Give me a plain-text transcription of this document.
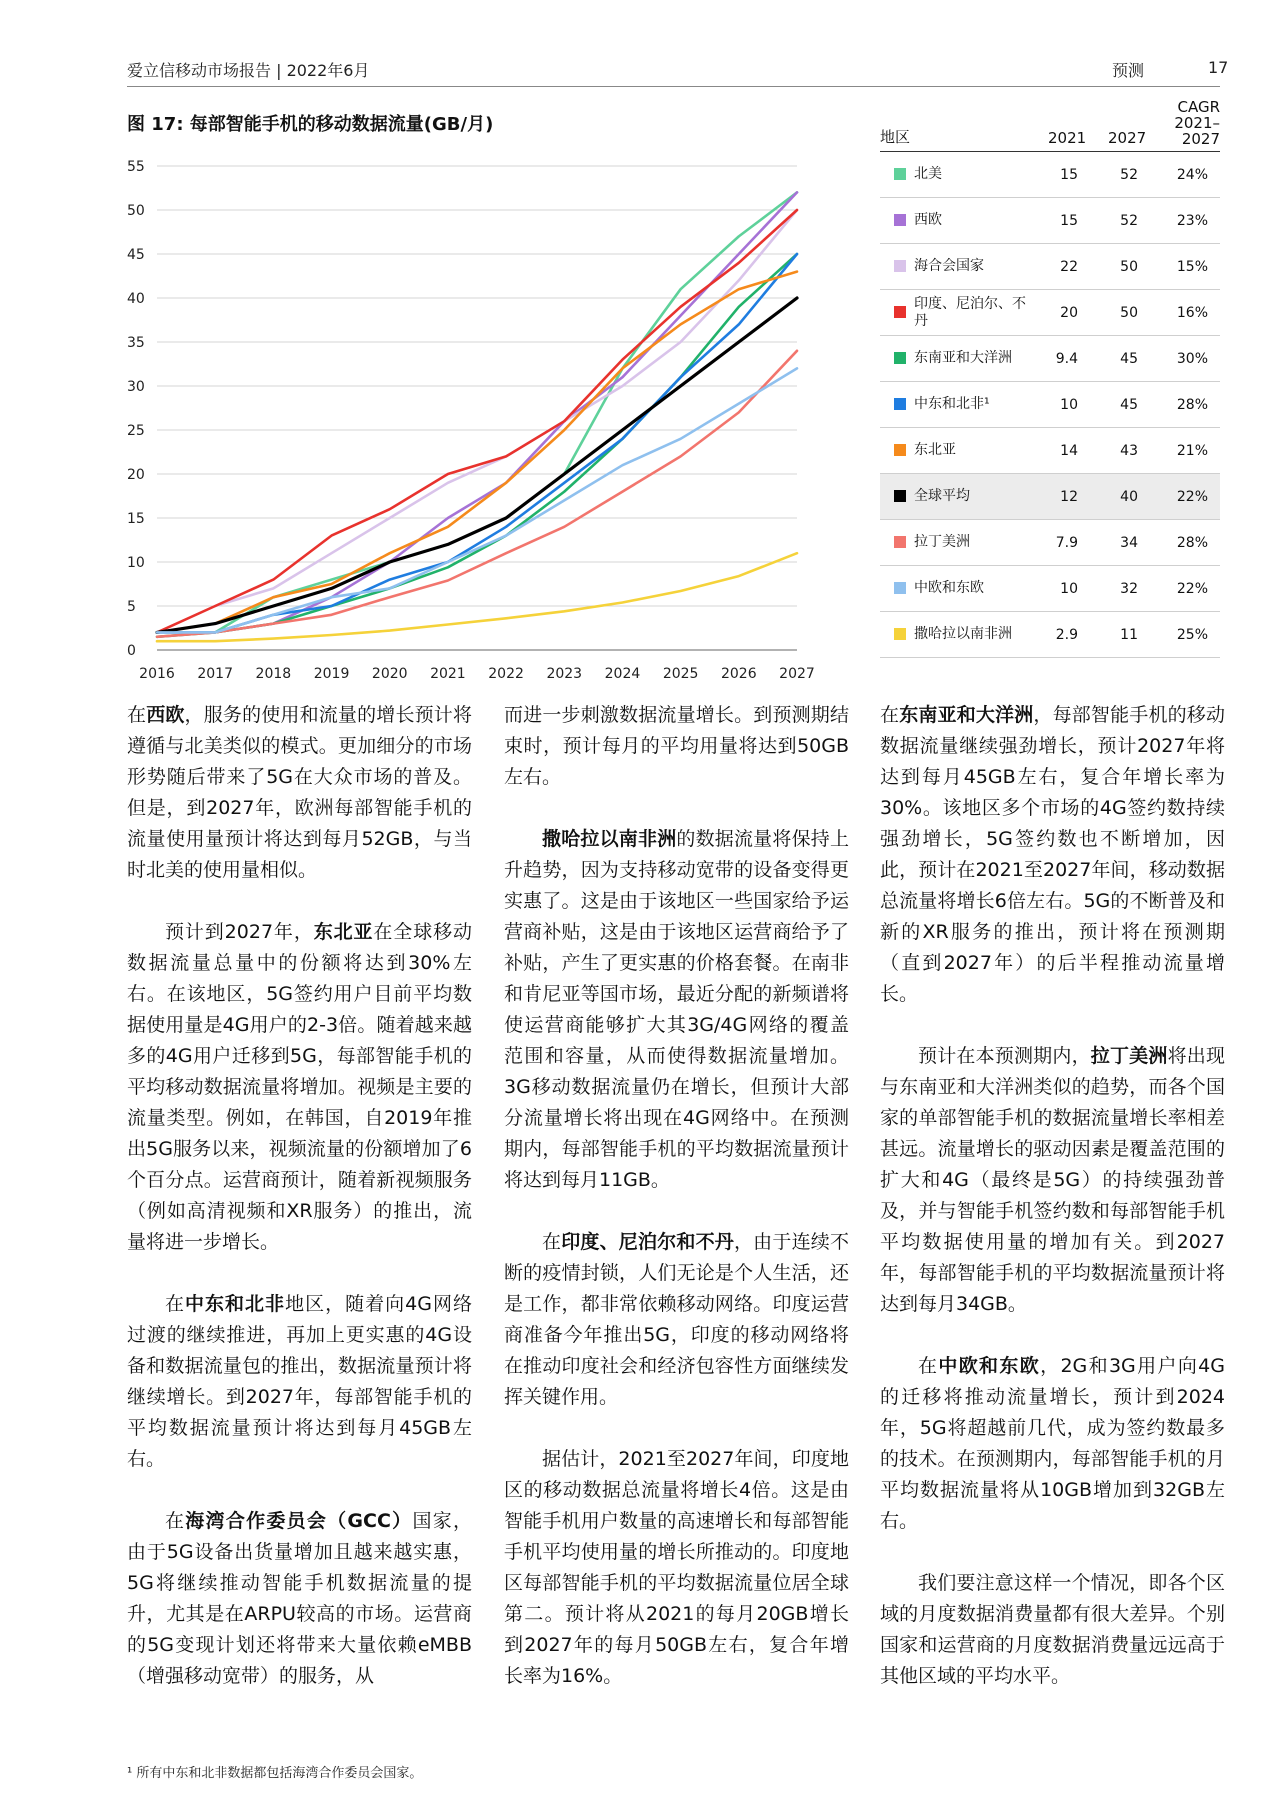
爱立信移动市场报告 | 2022年6月	预测	17
图 17: 每部智能手机的移动数据流量(GB/月)
0
5
10
15
20
25
30
35
40
45
50
55
2016 2017 2018 2019 2020 2021 2022 2023 2024 2025 2026 2027
地区	2021 2027
CAGR
2021–
2027
北美	15	52	24%
西欧	15	52	23%
海合会国家	22	50	15%
印度、尼泊尔、不丹	20	50	16%
东南亚和大洋洲	9.4	45	30%
中东和北非¹	10	45	28%
东北亚	14	43	21%
全球平均	12	40	22%
拉丁美洲	7.9	34	28%
中欧和东欧	10	32	22%
撒哈拉以南非洲	2.9	11	25%

在西欧，服务的使用和流量的增长预计将遵循与北美类似的模式。更加细分的市场形势随后带来了5G在大众市场的普及。但是，到2027年，欧洲每部智能手机的流量使用量预计将达到每月52GB，与当时北美的使用量相似。

预计到2027年，东北亚在全球移动数据流量总量中的份额将达到30%左右。在该地区，5G签约用户目前平均数据使用量是4G用户的2-3倍。随着越来越多的4G用户迁移到5G，每部智能手机的平均移动数据流量将增加。视频是主要的流量类型。例如，在韩国，自2019年推出5G服务以来，视频流量的份额增加了6个百分点。运营商预计，随着新视频服务（例如高清视频和XR服务）的推出，流量将进一步增长。

在中东和北非地区，随着向4G网络过渡的继续推进，再加上更实惠的4G设备和数据流量包的推出，数据流量预计将继续增长。到2027年，每部智能手机的平均数据流量预计将达到每月45GB左右。

在海湾合作委员会（GCC）国家，由于5G设备出货量增加且越来越实惠，5G将继续推动智能手机数据流量的提升，尤其是在ARPU较高的市场。运营商的5G变现计划还将带来大量依赖eMBB（增强移动宽带）的服务，从

而进一步刺激数据流量增长。到预测期结束时，预计每月的平均用量将达到50GB左右。

撒哈拉以南非洲的数据流量将保持上升趋势，因为支持移动宽带的设备变得更实惠了。这是由于该地区一些国家给予运营商补贴，这是由于该地区运营商给予了补贴，产生了更实惠的价格套餐。在南非和肯尼亚等国市场，最近分配的新频谱将使运营商能够扩大其3G/4G网络的覆盖范围和容量，从而使得数据流量增加。3G移动数据流量仍在增长，但预计大部分流量增长将出现在4G网络中。在预测期内，每部智能手机的平均数据流量预计将达到每月11GB。

在印度、尼泊尔和不丹，由于连续不断的疫情封锁，人们无论是个人生活，还是工作，都非常依赖移动网络。印度运营商准备今年推出5G，印度的移动网络将在推动印度社会和经济包容性方面继续发挥关键作用。

据估计，2021至2027年间，印度地区的移动数据总流量将增长4倍。这是由智能手机用户数量的高速增长和每部智能手机平均使用量的增长所推动的。印度地区每部智能手机的平均数据流量位居全球第二。预计将从2021的每月20GB增长到2027年的每月50GB左右，复合年增长率为16%。

在东南亚和大洋洲，每部智能手机的移动数据流量继续强劲增长，预计2027年将达到每月45GB左右，复合年增长率为30%。该地区多个市场的4G签约数持续强劲增长，5G签约数也不断增加，因此，预计在2021至2027年间，移动数据总流量将增长6倍左右。5G的不断普及和新的XR服务的推出，预计将在预测期（直到2027年）的后半程推动流量增长。

预计在本预测期内，拉丁美洲将出现与东南亚和大洋洲类似的趋势，而各个国家的单部智能手机的数据流量增长率相差甚远。流量增长的驱动因素是覆盖范围的扩大和4G（最终是5G）的持续强劲普及，并与智能手机签约数和每部智能手机平均数据使用量的增加有关。到2027年，每部智能手机的平均数据流量预计将达到每月34GB。

在中欧和东欧，2G和3G用户向4G的迁移将推动流量增长，预计到2024年，5G将超越前几代，成为签约数最多的技术。在预测期内，每部智能手机的月平均数据流量将从10GB增加到32GB左右。

我们要注意这样一个情况，即各个区域的月度数据消费量都有很大差异。个别国家和运营商的月度数据消费量远远高于其他区域的平均水平。

¹ 所有中东和北非数据都包括海湾合作委员会国家。
